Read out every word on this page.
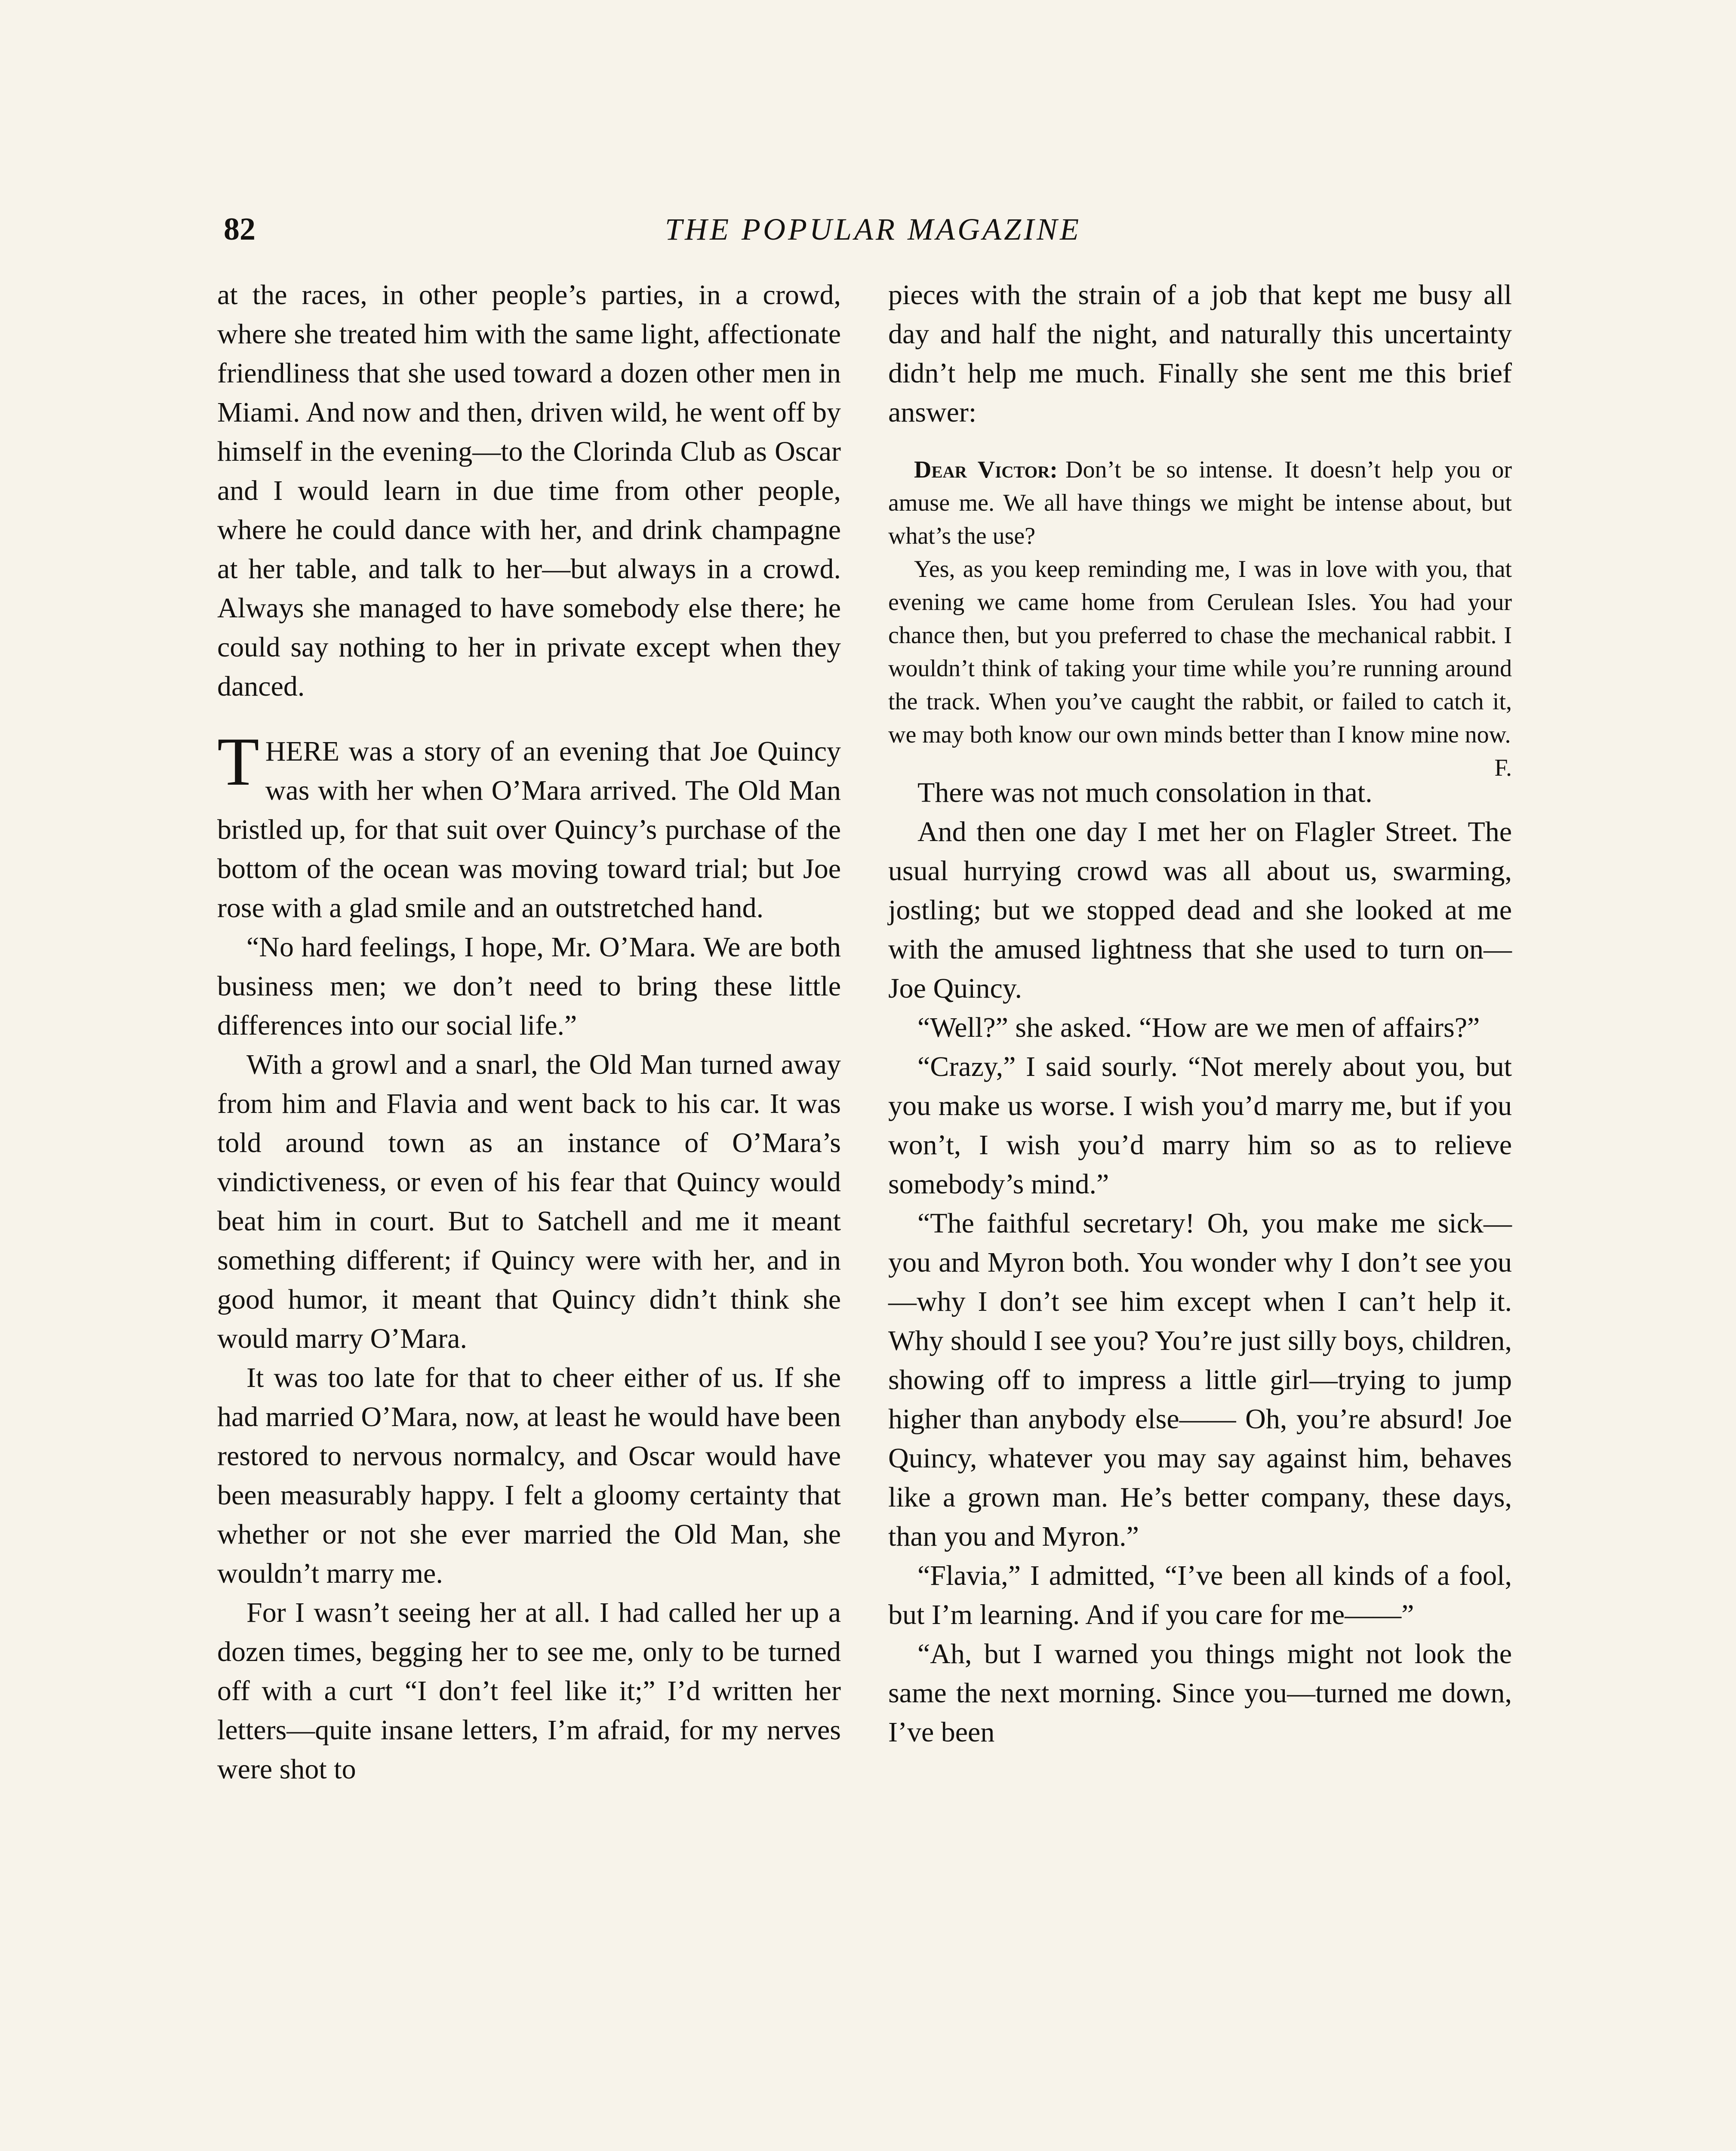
82	THE POPULAR MAGAZINE

at the races, in other people’s parties, in a crowd, where she treated him with the same light, affectionate friendliness that she used toward a dozen other men in Miami. And now and then, driven wild, he went off by himself in the evening—to the Clorinda Club as Oscar and I would learn in due time from other people, where he could dance with her, and drink champagne at her table, and talk to her—but always in a crowd. Always she managed to have somebody else there; he could say nothing to her in private except when they danced.

THERE was a story of an evening that Joe Quincy was with her when O’Mara arrived. The Old Man bristled up, for that suit over Quincy’s purchase of the bottom of the ocean was moving toward trial; but Joe rose with a glad smile and an outstretched hand.

“No hard feelings, I hope, Mr. O’Mara. We are both business men; we don’t need to bring these little differences into our social life.”

With a growl and a snarl, the Old Man turned away from him and Flavia and went back to his car. It was told around town as an instance of O’Mara’s vindictiveness, or even of his fear that Quincy would beat him in court. But to Satchell and me it meant something different; if Quincy were with her, and in good humor, it meant that Quincy didn’t think she would marry O’Mara.

It was too late for that to cheer either of us. If she had married O’Mara, now, at least he would have been restored to nervous normalcy, and Oscar would have been measurably happy. I felt a gloomy certainty that whether or not she ever married the Old Man, she wouldn’t marry me.

For I wasn’t seeing her at all. I had called her up a dozen times, begging her to see me, only to be turned off with a curt “I don’t feel like it;” I’d written her letters—quite insane letters, I’m afraid, for my nerves were shot to

pieces with the strain of a job that kept me busy all day and half the night, and naturally this uncertainty didn’t help me much. Finally she sent me this brief answer:

Dear Victor: Don’t be so intense. It doesn’t help you or amuse me. We all have things we might be intense about, but what’s the use?

Yes, as you keep reminding me, I was in love with you, that evening we came home from Cerulean Isles. You had your chance then, but you preferred to chase the mechanical rabbit. I wouldn’t think of taking your time while you’re running around the track. When you’ve caught the rabbit, or failed to catch it, we may both know our own minds better than I know mine now.
F.

There was not much consolation in that.

And then one day I met her on Flagler Street. The usual hurrying crowd was all about us, swarming, jostling; but we stopped dead and she looked at me with the amused lightness that she used to turn on—Joe Quincy.

“Well?” she asked. “How are we men of affairs?”

“Crazy,” I said sourly. “Not merely about you, but you make us worse. I wish you’d marry me, but if you won’t, I wish you’d marry him so as to relieve somebody’s mind.”

“The faithful secretary! Oh, you make me sick—you and Myron both. You wonder why I don’t see you—why I don’t see him except when I can’t help it. Why should I see you? You’re just silly boys, children, showing off to impress a little girl—trying to jump higher than anybody else—— Oh, you’re absurd! Joe Quincy, whatever you may say against him, behaves like a grown man. He’s better company, these days, than you and Myron.”

“Flavia,” I admitted, “I’ve been all kinds of a fool, but I’m learning. And if you care for me——”

“Ah, but I warned you things might not look the same the next morning. Since you—turned me down, I’ve been
